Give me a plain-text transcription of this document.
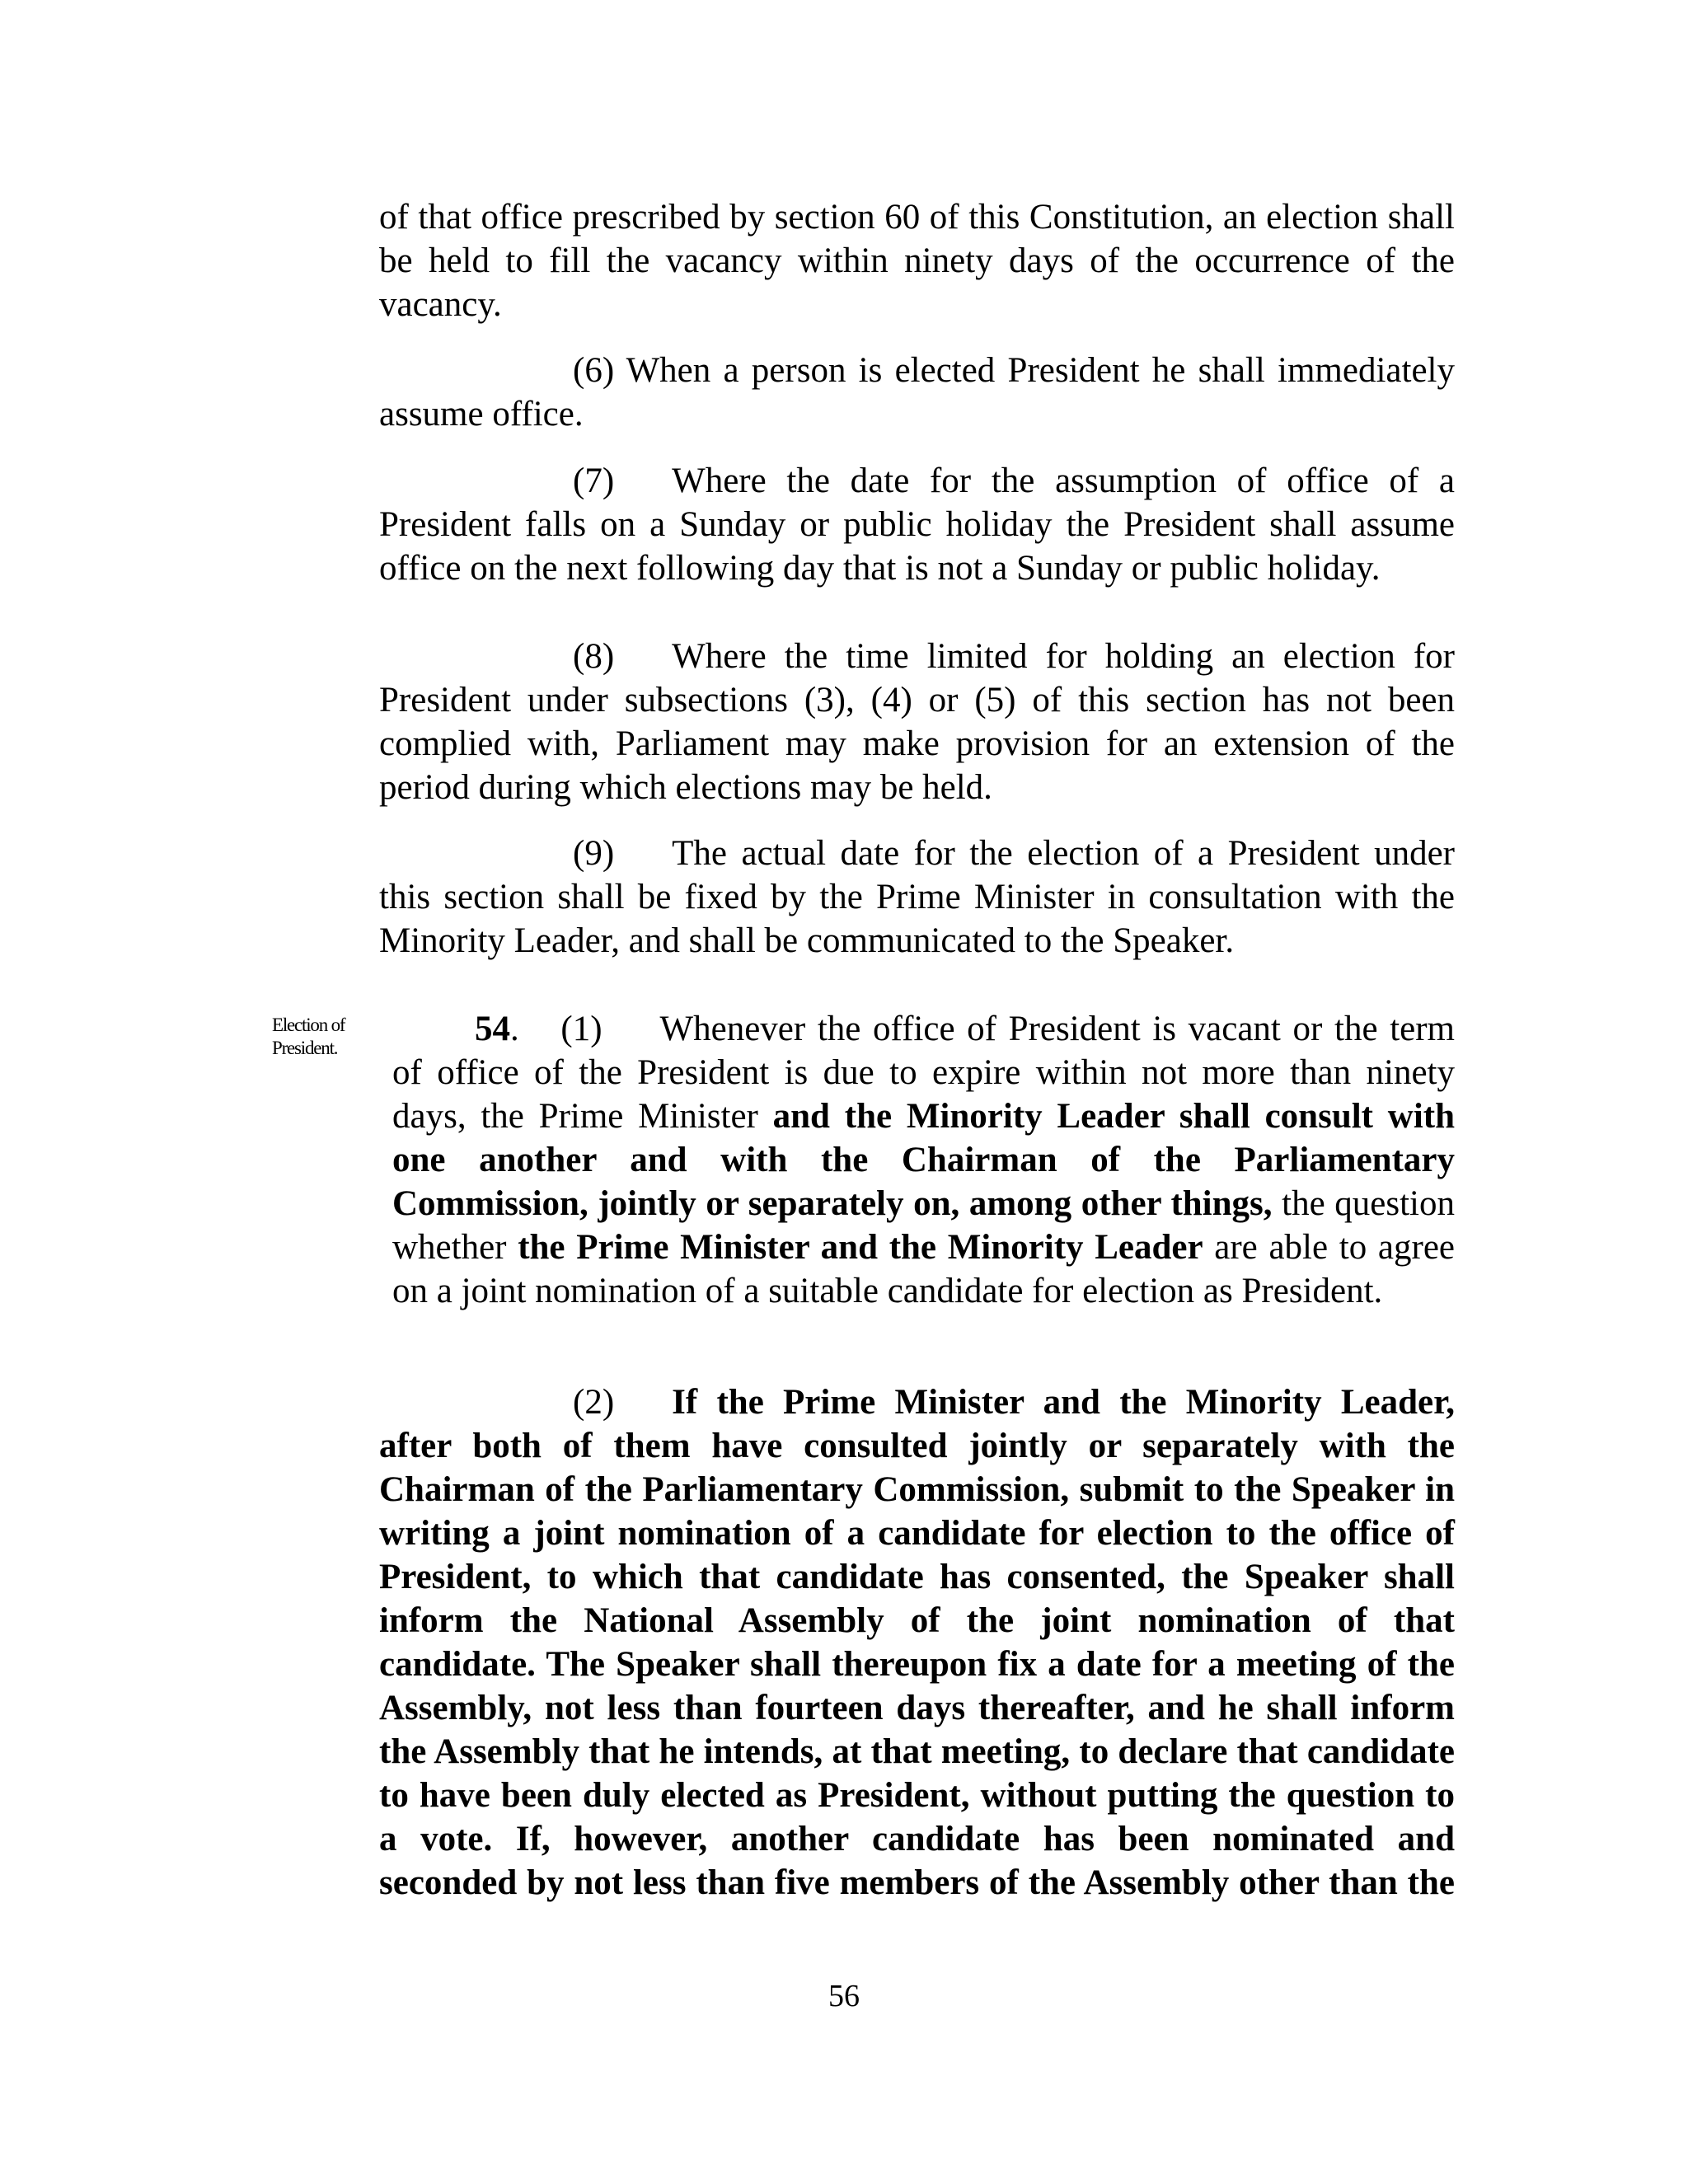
of that office prescribed by section 60 of this Constitution, an election shall be held to fill the vacancy within ninety days of the occurrence of the vacancy.

(6) When a person is elected President he shall immediately assume office.

(7) Where the date for the assumption of office of a President falls on a Sunday or public holiday the President shall assume office on the next following day that is not a Sunday or public holiday.

(8) Where the time limited for holding an election for President under subsections (3), (4) or (5) of this section has not been complied with, Parliament may make provision for an extension of the period during which elections may be held.

(9) The actual date for the election of a President under this section shall be fixed by the Prime Minister in consultation with the Minority Leader, and shall be communicated to the Speaker.

Election of President.	54. (1) Whenever the office of President is vacant or the term of office of the President is due to expire within not more than ninety days, the Prime Minister and the Minority Leader shall consult with one another and with the Chairman of the Parliamentary Commission, jointly or separately on, among other things, the question whether the Prime Minister and the Minority Leader are able to agree on a joint nomination of a suitable candidate for election as President.

(2) If the Prime Minister and the Minority Leader, after both of them have consulted jointly or separately with the Chairman of the Parliamentary Commission, submit to the Speaker in writing a joint nomination of a candidate for election to the office of President, to which that candidate has consented, the Speaker shall inform the National Assembly of the joint nomination of that candidate. The Speaker shall thereupon fix a date for a meeting of the Assembly, not less than fourteen days thereafter, and he shall inform the Assembly that he intends, at that meeting, to declare that candidate to have been duly elected as President, without putting the question to a vote. If, however, another candidate has been nominated and seconded by not less than five members of the Assembly other than the

56
